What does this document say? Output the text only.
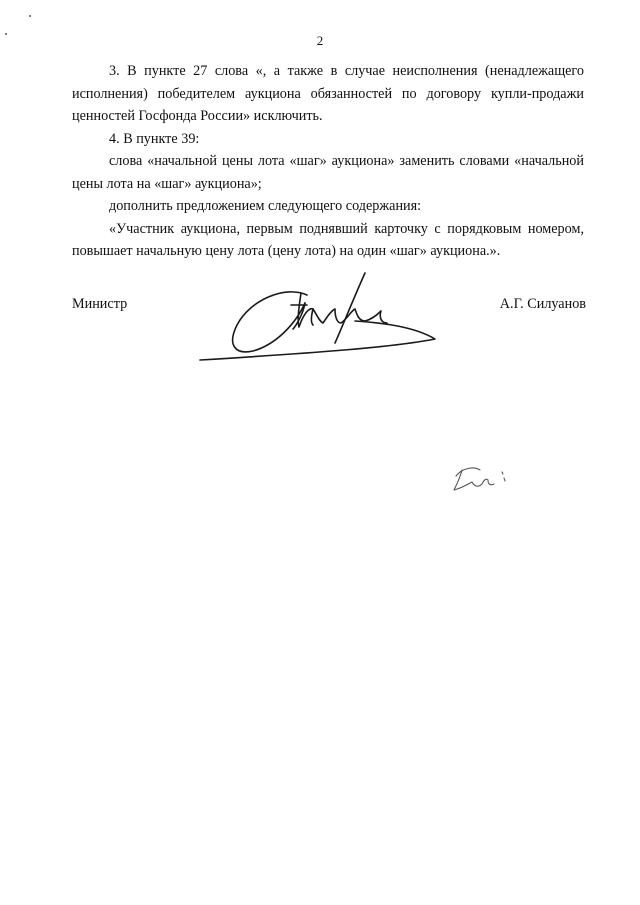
2

3. В пункте 27 слова «, а также в случае неисполнения (ненадлежащего исполнения) победителем аукциона обязанностей по договору купли-продажи ценностей Госфонда России» исключить.

4. В пункте 39:

слова «начальной цены лота «шаг» аукциона» заменить словами «начальной цены лота на «шаг» аукциона»;

дополнить предложением следующего содержания:

«Участник аукциона, первым поднявший карточку с порядковым номером, повышает начальную цену лота (цену лота) на один «шаг» аукциона.».

Министр	А.Г. Силуанов
